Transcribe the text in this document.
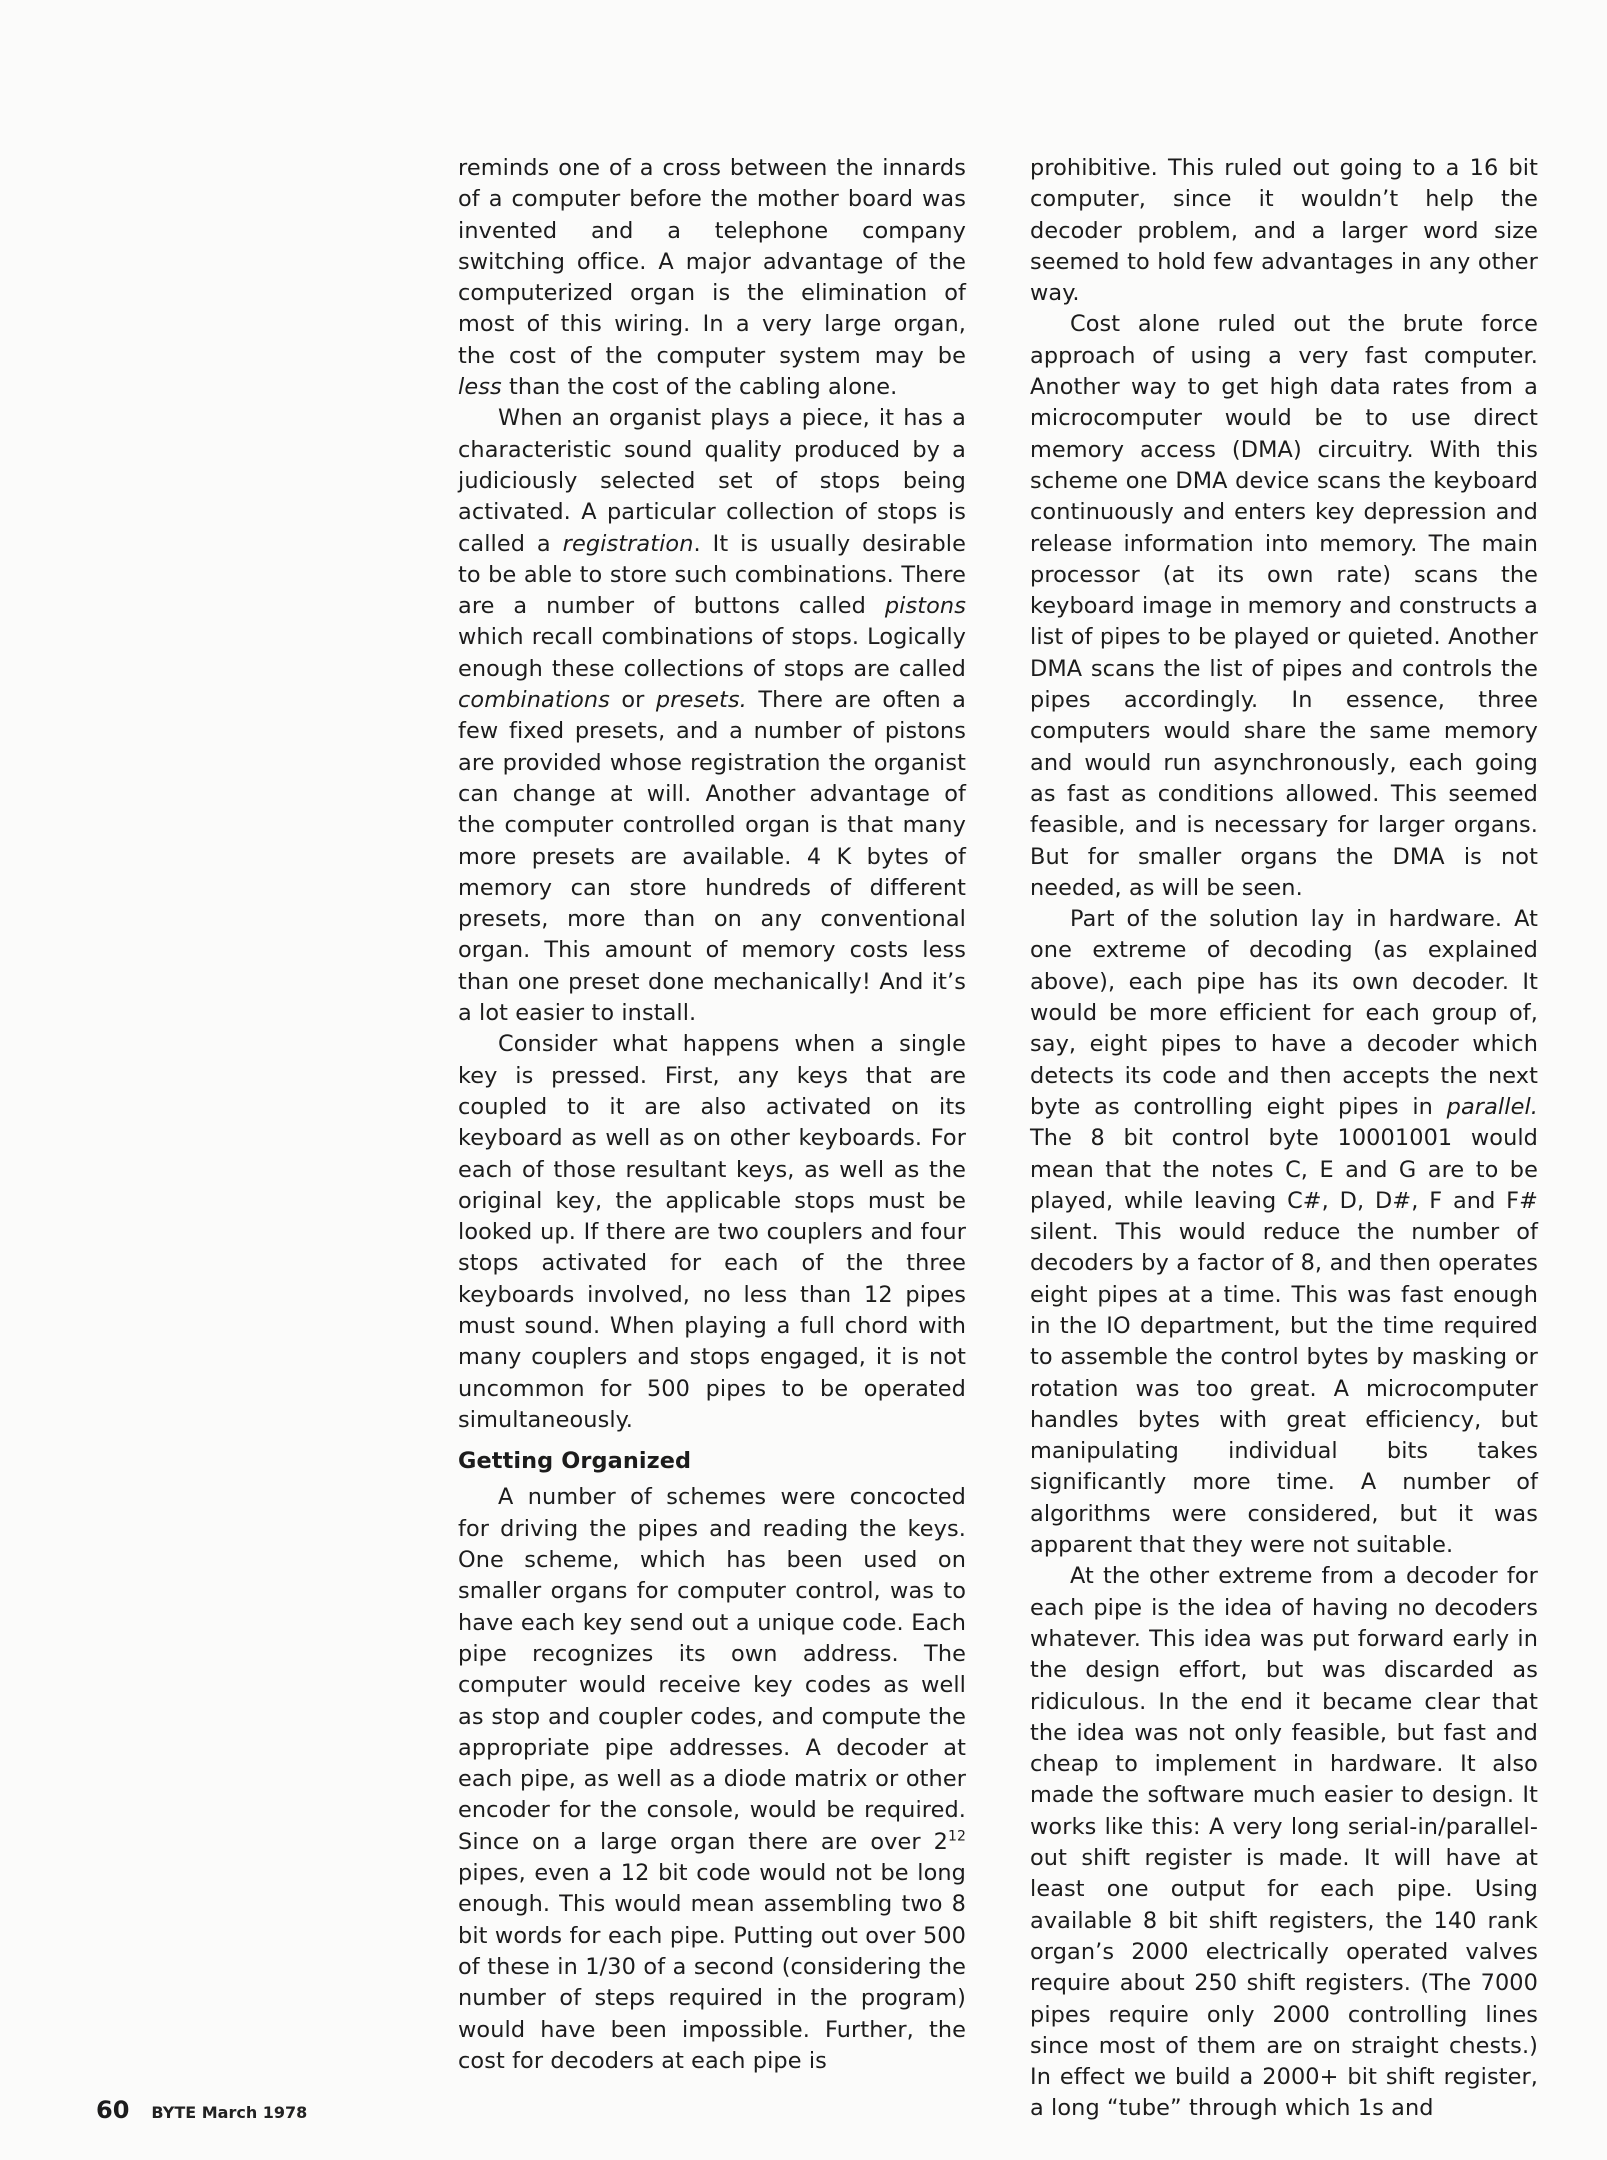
reminds one of a cross between the innards of a computer before the mother board was invented and a telephone company switching office. A major advantage of the computerized organ is the elimination of most of this wiring. In a very large organ, the cost of the computer system may be less than the cost of the cabling alone.

When an organist plays a piece, it has a characteristic sound quality produced by a judiciously selected set of stops being activated. A particular collection of stops is called a registration. It is usually desirable to be able to store such combinations. There are a number of buttons called pistons which recall combinations of stops. Logically enough these collections of stops are called combinations or presets. There are often a few fixed presets, and a number of pistons are provided whose registration the organist can change at will. Another advantage of the computer controlled organ is that many more presets are available. 4 K bytes of memory can store hundreds of different presets, more than on any conventional organ. This amount of memory costs less than one preset done mechanically! And it’s a lot easier to install.

Consider what happens when a single key is pressed. First, any keys that are coupled to it are also activated on its keyboard as well as on other keyboards. For each of those resultant keys, as well as the original key, the applicable stops must be looked up. If there are two couplers and four stops activated for each of the three keyboards involved, no less than 12 pipes must sound. When playing a full chord with many couplers and stops engaged, it is not uncommon for 500 pipes to be operated simultaneously.

Getting Organized

A number of schemes were concocted for driving the pipes and reading the keys. One scheme, which has been used on smaller organs for computer control, was to have each key send out a unique code. Each pipe recognizes its own address. The computer would receive key codes as well as stop and coupler codes, and compute the appropriate pipe addresses. A decoder at each pipe, as well as a diode matrix or other encoder for the console, would be required. Since on a large organ there are over $2^{12}$ pipes, even a 12 bit code would not be long enough. This would mean assembling two 8 bit words for each pipe. Putting out over 500 of these in 1/30 of a second (considering the number of steps required in the program) would have been impossible. Further, the cost for decoders at each pipe is

prohibitive. This ruled out going to a 16 bit computer, since it wouldn’t help the decoder problem, and a larger word size seemed to hold few advantages in any other way.

Cost alone ruled out the brute force approach of using a very fast computer. Another way to get high data rates from a microcomputer would be to use direct memory access (DMA) circuitry. With this scheme one DMA device scans the keyboard continuously and enters key depression and release information into memory. The main processor (at its own rate) scans the keyboard image in memory and constructs a list of pipes to be played or quieted. Another DMA scans the list of pipes and controls the pipes accordingly. In essence, three computers would share the same memory and would run asynchronously, each going as fast as conditions allowed. This seemed feasible, and is necessary for larger organs. But for smaller organs the DMA is not needed, as will be seen.

Part of the solution lay in hardware. At one extreme of decoding (as explained above), each pipe has its own decoder. It would be more efficient for each group of, say, eight pipes to have a decoder which detects its code and then accepts the next byte as controlling eight pipes in parallel. The 8 bit control byte 10001001 would mean that the notes C, E and G are to be played, while leaving C#, D, D#, F and F# silent. This would reduce the number of decoders by a factor of 8, and then operates eight pipes at a time. This was fast enough in the IO department, but the time required to assemble the control bytes by masking or rotation was too great. A microcomputer handles bytes with great efficiency, but manipulating individual bits takes significantly more time. A number of algorithms were considered, but it was apparent that they were not suitable.

At the other extreme from a decoder for each pipe is the idea of having no decoders whatever. This idea was put forward early in the design effort, but was discarded as ridiculous. In the end it became clear that the idea was not only feasible, but fast and cheap to implement in hardware. It also made the software much easier to design. It works like this: A very long serial-in/parallel-out shift register is made. It will have at least one output for each pipe. Using available 8 bit shift registers, the 140 rank organ’s 2000 electrically operated valves require about 250 shift registers. (The 7000 pipes require only 2000 controlling lines since most of them are on straight chests.) In effect we build a 2000+ bit shift register, a long “tube” through which 1s and

60 BYTE March 1978
